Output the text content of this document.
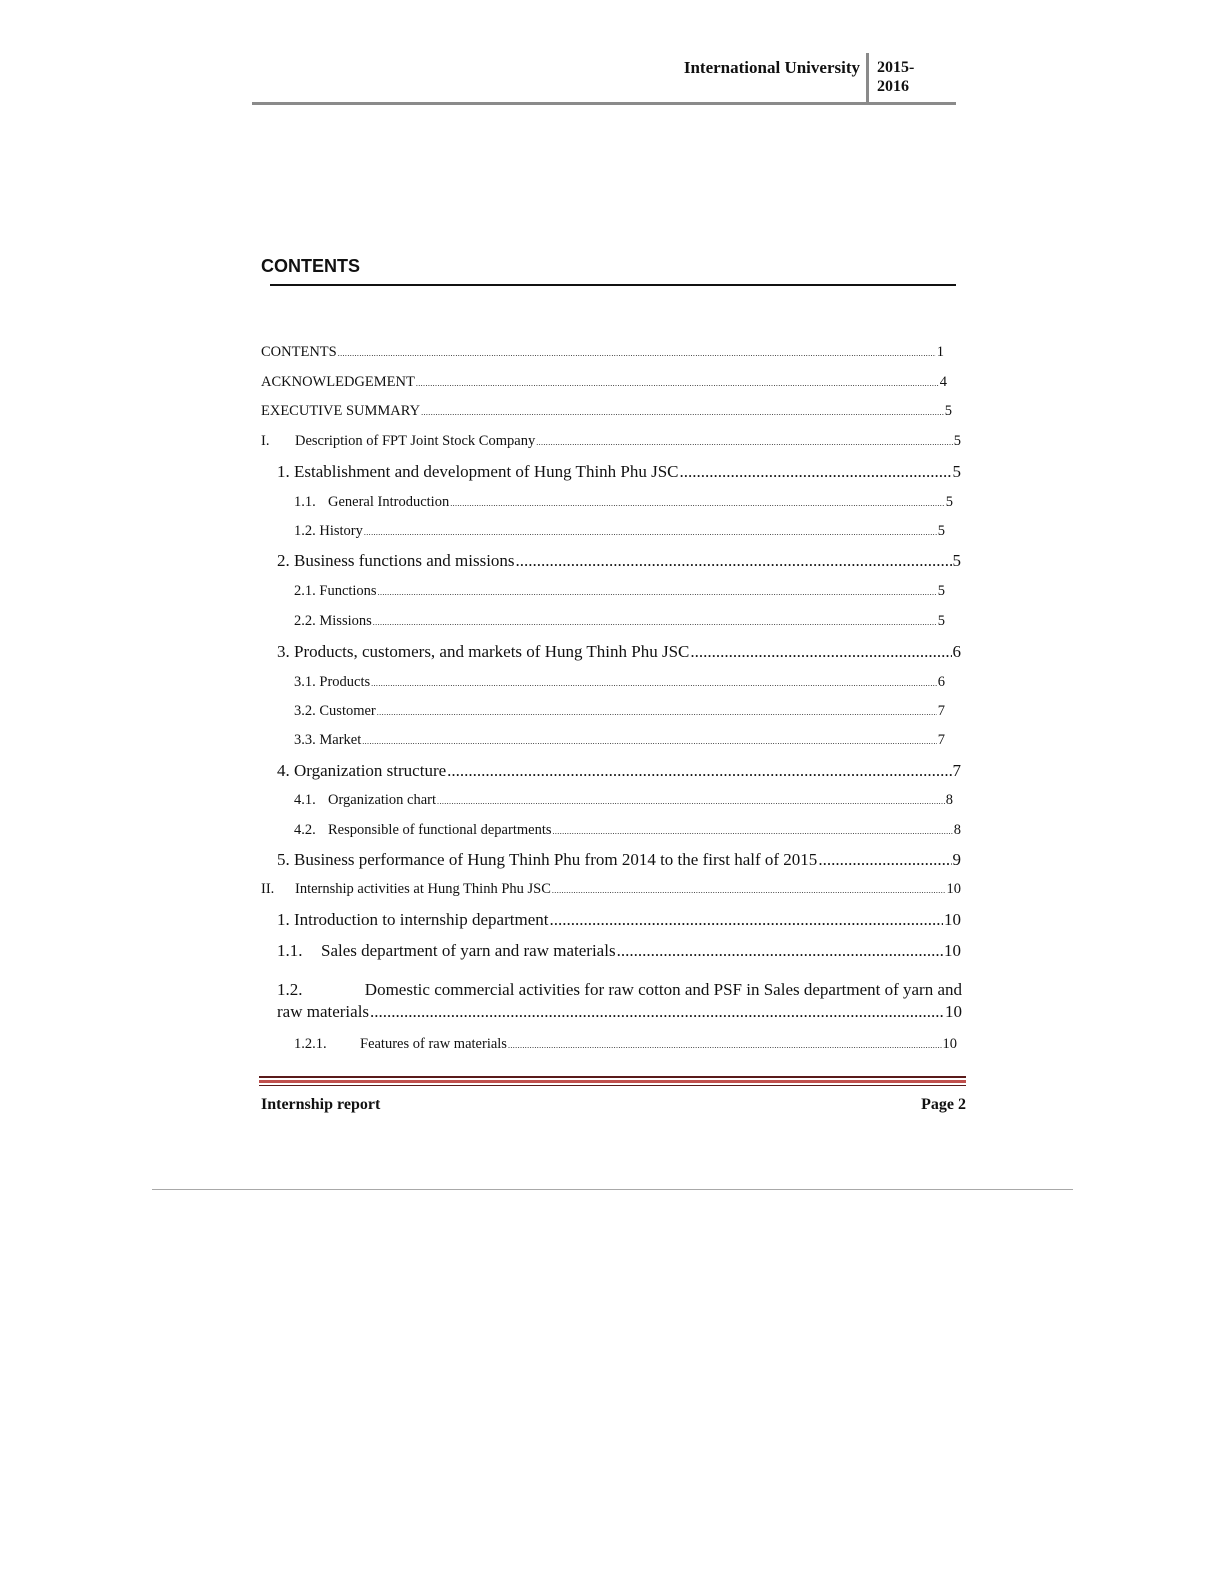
International University 2015-
2016
CONTENTS
CONTENTS .....	1
ACKNOWLEDGEMENT .....	4
EXECUTIVE SUMMARY .....	5
I.	Description of FPT Joint Stock Company .....	5
1. Establishment and development of Hung Thinh Phu JSC .....	5
1.1. General Introduction .....	5
1.2. History .....	5
2. Business functions and missions .....	5
2.1. Functions .....	5
2.2. Missions .....	5
3. Products, customers, and markets of Hung Thinh Phu JSC .....	6
3.1. Products .....	6
3.2. Customer .....	7
3.3. Market .....	7
4. Organization structure .....	7
4.1. Organization chart .....	8
4.2. Responsible of functional departments .....	8
5. Business performance of Hung Thinh Phu from 2014 to the first half of 2015 .....	9
II.	Internship activities at Hung Thinh Phu JSC .....	10
1. Introduction to internship department .....	10
1.1.	Sales department of yarn and raw materials .....	10
1.2.	Domestic commercial activities for raw cotton and PSF in Sales department of yarn and
raw materials .....	10
1.2.1.	Features of raw materials .....	10
Internship report	Page 2
